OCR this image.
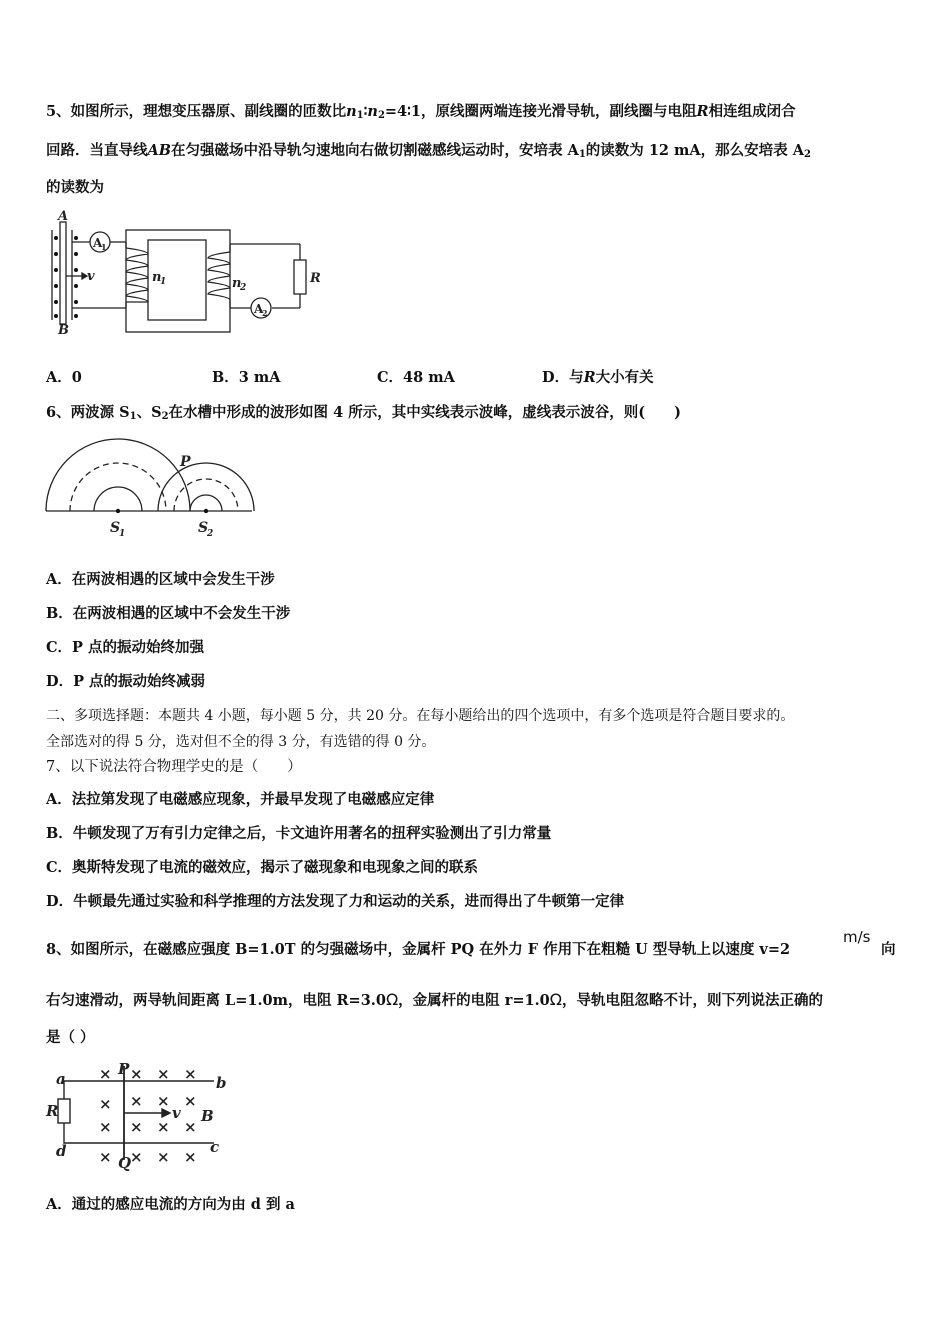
5、如图所示，理想变压器原、副线圈的匝数比$n_1∶n_2=4∶1$，原线圈两端连接光滑导轨，副线圈与电阻R相连组成闭合
回路．当直导线AB在匀强磁场中沿导轨匀速地向右做切割磁感线运动时，安培表 $A_1$的读数为 12 mA，那么安培表 $A_2$
的读数为
A
B
v
A
1
A
2
n
1	n
2
R
A．0	B．3 mA	C．48 mA	D．与R大小有关
6、两波源 $S_1$、$S_2$在水槽中形成的波形如图 4 所示，其中实线表示波峰，虚线表示波谷，则(　　)
P
S
1	S
2
A．在两波相遇的区域中会发生干涉
B．在两波相遇的区域中不会发生干涉
C．P 点的振动始终加强
D．P 点的振动始终减弱
二、多项选择题：本题共 4 小题，每小题 5 分，共 20 分。在每小题给出的四个选项中，有多个选项是符合题目要求的。
全部选对的得 5 分，选对但不全的得 3 分，有选错的得 0 分。
7、以下说法符合物理学史的是（　　）
A．法拉第发现了电磁感应现象，并最早发现了电磁感应定律
B．牛顿发现了万有引力定律之后，卡文迪许用著名的扭秤实验测出了引力常量
C．奥斯特发现了电流的磁效应，揭示了磁现象和电现象之间的联系
D．牛顿最先通过实验和科学推理的方法发现了力和运动的关系，进而得出了牛顿第一定律
8、如图所示，在磁感应强度 B=1.0T 的匀强磁场中，金属杆 PQ 在外力 F 作用下在粗糙 U 型导轨上以速度 v=2
m/s
向
右匀速滑动，两导轨间距离 L=1.0m，电阻 R=3.0Ω，金属杆的电阻 r=1.0Ω，导轨电阻忽略不计，则下列说法正确的
是（ ）
× × × ×
× × × ×
× × × ×
× × × ×
a	b
c
d
P
Q
R	v B
A．通过的感应电流的方向为由 d 到 a
